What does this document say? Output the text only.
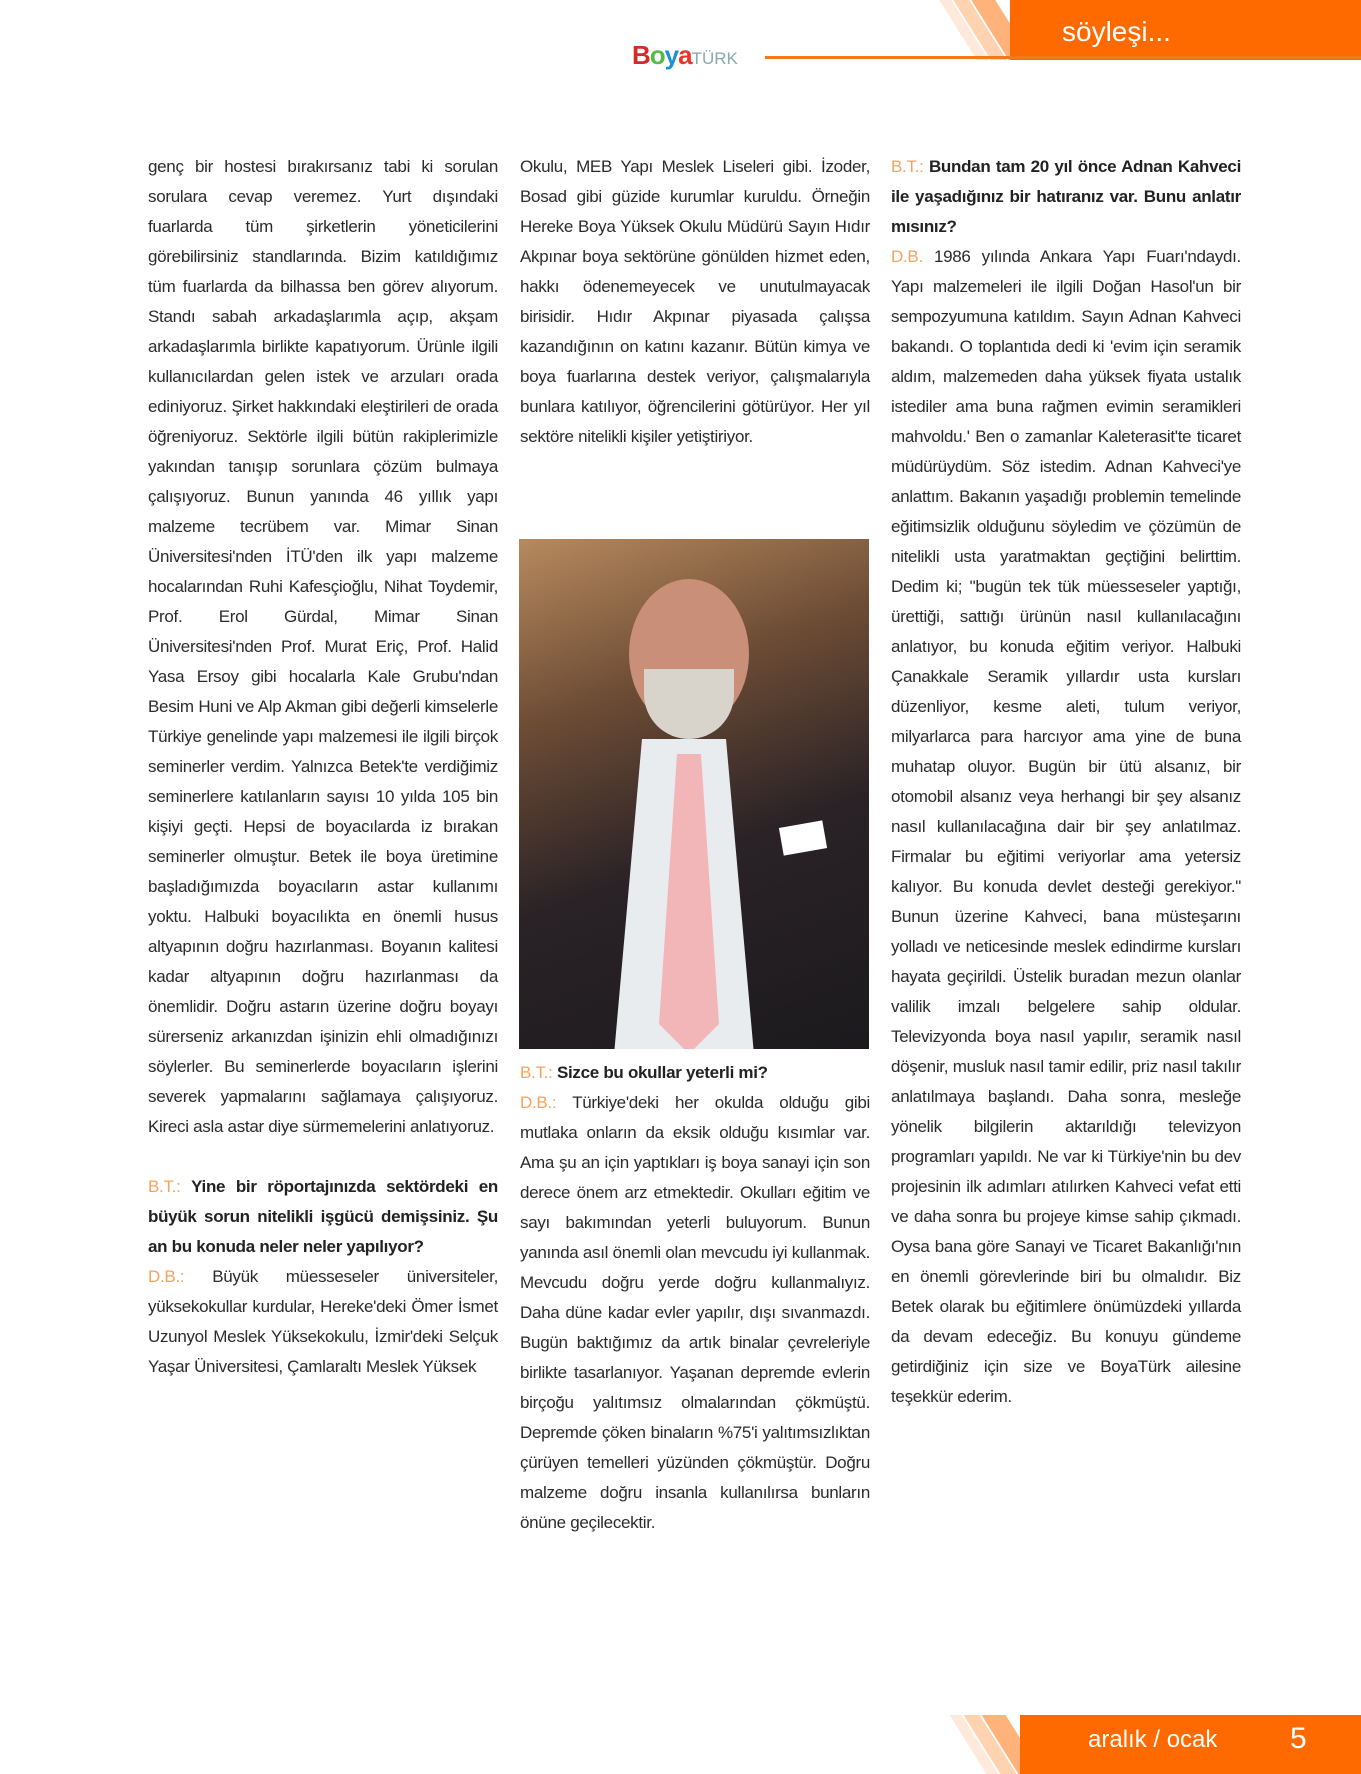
söyleşi...
BoyaTÜRK

genç bir hostesi bırakırsanız tabi ki sorulan sorulara cevap veremez. Yurt dışındaki fuarlarda tüm şirketlerin yöneticilerini görebilirsiniz standlarında. Bizim katıldığımız tüm fuarlarda da bilhassa ben görev alıyorum. Standı sabah arkadaşlarımla açıp, akşam arkadaşlarımla birlikte kapatıyorum. Ürünle ilgili kullanıcılardan gelen istek ve arzuları orada ediniyoruz. Şirket hakkındaki eleştirileri de orada öğreniyoruz. Sektörle ilgili bütün rakiplerimizle yakından tanışıp sorunlara çözüm bulmaya çalışıyoruz. Bunun yanında 46 yıllık yapı malzeme tecrübem var. Mimar Sinan Üniversitesi'nden İTÜ'den ilk yapı malzeme hocalarından Ruhi Kafesçioğlu, Nihat Toydemir, Prof. Erol Gürdal, Mimar Sinan Üniversitesi'nden Prof. Murat Eriç, Prof. Halid Yasa Ersoy gibi hocalarla Kale Grubu'ndan Besim Huni ve Alp Akman gibi değerli kimselerle Türkiye genelinde yapı malzemesi ile ilgili birçok seminerler verdim. Yalnızca Betek'te verdiğimiz seminerlere katılanların sayısı 10 yılda 105 bin kişiyi geçti. Hepsi de boyacılarda iz bırakan seminerler olmuştur. Betek ile boya üretimine başladığımızda boyacıların astar kullanımı yoktu. Halbuki boyacılıkta en önemli husus altyapının doğru hazırlanması. Boyanın kalitesi kadar altyapının doğru hazırlanması da önemlidir. Doğru astarın üzerine doğru boyayı sürerseniz arkanızdan işinizin ehli olmadığınızı söylerler. Bu seminerlerde boyacıların işlerini severek yapmalarını sağlamaya çalışıyoruz. Kireci asla astar diye sürmemelerini anlatıyoruz.

B.T.: Yine bir röportajınızda sektördeki en büyük sorun nitelikli işgücü demişsiniz. Şu an bu konuda neler neler yapılıyor?

D.B.: Büyük müesseseler üniversiteler, yüksekokullar kurdular, Hereke'deki Ömer İsmet Uzunyol Meslek Yüksekokulu, İzmir'deki Selçuk Yaşar Üniversitesi, Çamlaraltı Meslek Yüksek

Okulu, MEB Yapı Meslek Liseleri gibi. İzoder, Bosad gibi güzide kurumlar kuruldu. Örneğin Hereke Boya Yüksek Okulu Müdürü Sayın Hıdır Akpınar boya sektörüne gönülden hizmet eden, hakkı ödenemeyecek ve unutulmayacak birisidir. Hıdır Akpınar piyasada çalışsa kazandığının on katını kazanır. Bütün kimya ve boya fuarlarına destek veriyor, çalışmalarıyla bunlara katılıyor, öğrencilerini götürüyor. Her yıl sektöre nitelikli kişiler yetiştiriyor.

B.T.: Sizce bu okullar yeterli mi?

D.B.: Türkiye'deki her okulda olduğu gibi mutlaka onların da eksik olduğu kısımlar var. Ama şu an için yaptıkları iş boya sanayi için son derece önem arz etmektedir. Okulları eğitim ve sayı bakımından yeterli buluyorum. Bunun yanında asıl önemli olan mevcudu iyi kullanmak. Mevcudu doğru yerde doğru kullanmalıyız. Daha düne kadar evler yapılır, dışı sıvanmazdı. Bugün baktığımız da artık binalar çevreleriyle birlikte tasarlanıyor. Yaşanan depremde evlerin birçoğu yalıtımsız olmalarından çökmüştü. Depremde çöken binaların %75'i yalıtımsızlıktan çürüyen temelleri yüzünden çökmüştür. Doğru malzeme doğru insanla kullanılırsa bunların önüne geçilecektir.

B.T.: Bundan tam 20 yıl önce Adnan Kahveci ile yaşadığınız bir hatıranız var. Bunu anlatır mısınız?

D.B. 1986 yılında Ankara Yapı Fuarı'ndaydı. Yapı malzemeleri ile ilgili Doğan Hasol'un bir sempozyumuna katıldım. Sayın Adnan Kahveci bakandı. O toplantıda dedi ki 'evim için seramik aldım, malzemeden daha yüksek fiyata ustalık istediler ama buna rağmen evimin seramikleri mahvoldu.' Ben o zamanlar Kaleterasit'te ticaret müdürüydüm. Söz istedim. Adnan Kahveci'ye anlattım. Bakanın yaşadığı problemin temelinde eğitimsizlik olduğunu söyledim ve çözümün de nitelikli usta yaratmaktan geçtiğini belirttim. Dedim ki; "bugün tek tük müesseseler yaptığı, ürettiği, sattığı ürünün nasıl kullanılacağını anlatıyor, bu konuda eğitim veriyor. Halbuki Çanakkale Seramik yıllardır usta kursları düzenliyor, kesme aleti, tulum veriyor, milyarlarca para harcıyor ama yine de buna muhatap oluyor. Bugün bir ütü alsanız, bir otomobil alsanız veya herhangi bir şey alsanız nasıl kullanılacağına dair bir şey anlatılmaz. Firmalar bu eğitimi veriyorlar ama yetersiz kalıyor. Bu konuda devlet desteği gerekiyor." Bunun üzerine Kahveci, bana müsteşarını yolladı ve neticesinde meslek edindirme kursları hayata geçirildi. Üstelik buradan mezun olanlar valilik imzalı belgelere sahip oldular. Televizyonda boya nasıl yapılır, seramik nasıl döşenir, musluk nasıl tamir edilir, priz nasıl takılır anlatılmaya başlandı. Daha sonra, mesleğe yönelik bilgilerin aktarıldığı televizyon programları yapıldı. Ne var ki Türkiye'nin bu dev projesinin ilk adımları atılırken Kahveci vefat etti ve daha sonra bu projeye kimse sahip çıkmadı. Oysa bana göre Sanayi ve Ticaret Bakanlığı'nın en önemli görevlerinde biri bu olmalıdır. Biz Betek olarak bu eğitimlere önümüzdeki yıllarda da devam edeceğiz. Bu konuyu gündeme getirdiğiniz için size ve BoyaTürk ailesine teşekkür ederim.

aralık / ocak 5
